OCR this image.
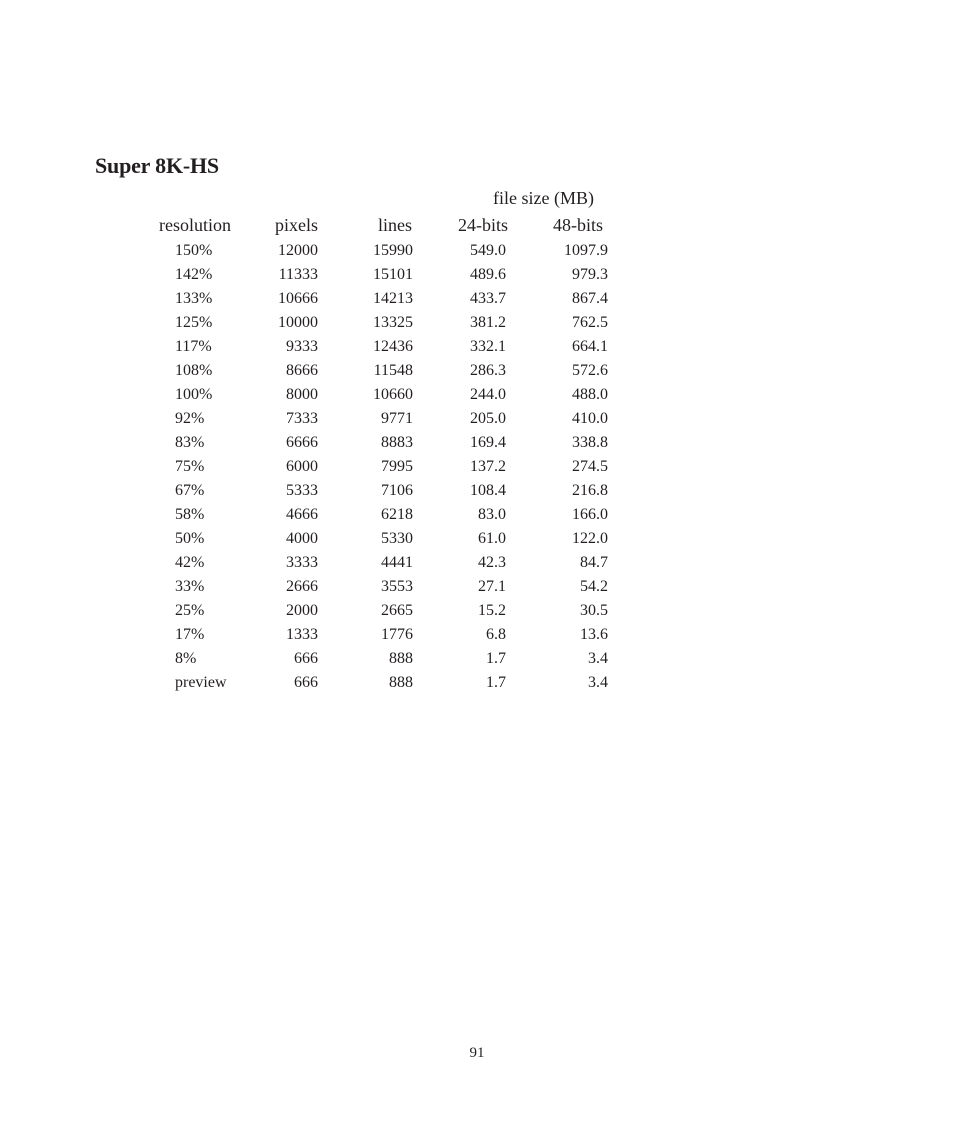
Super 8K-HS
file size (MB)
resolution pixels	lines	24-bits 48-bits
150%	12000	15990	549.0	1097.9
142%	11333	15101	489.6	979.3
133%	10666	14213	433.7	867.4
125%	10000	13325	381.2	762.5
117%	9333	12436	332.1	664.1
108%	8666	11548	286.3	572.6
100%	8000	10660	244.0	488.0
92%	7333	9771	205.0	410.0
83%	6666	8883	169.4	338.8
75%	6000	7995	137.2	274.5
67%	5333	7106	108.4	216.8
58%	4666	6218	83.0	166.0
50%	4000	5330	61.0	122.0
42%	3333	4441	42.3	84.7
33%	2666	3553	27.1	54.2
25%	2000	2665	15.2	30.5
17%	1333	1776	6.8	13.6
8%	666	888	1.7	3.4
preview	666	888	1.7	3.4
91
